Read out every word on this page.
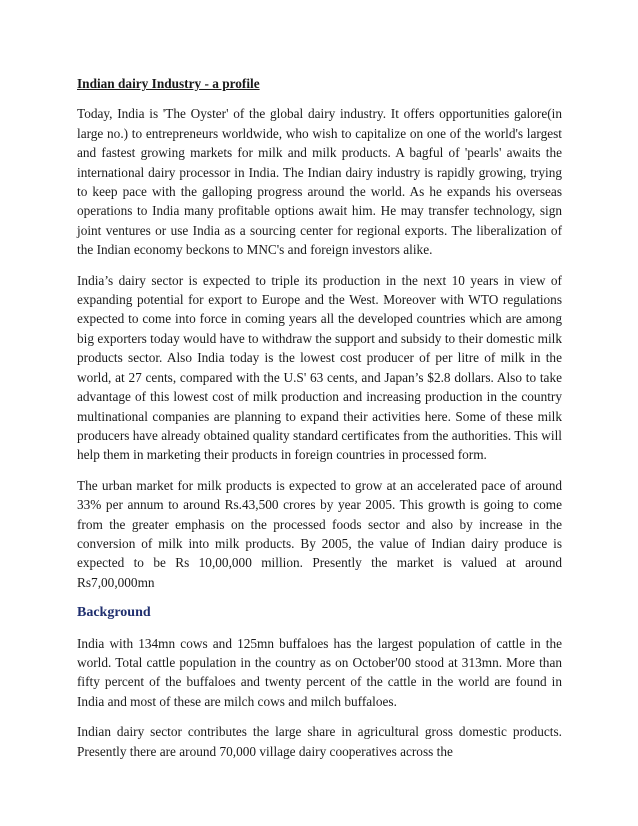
Indian dairy Industry - a profile

Today, India is 'The Oyster' of the global dairy industry. It offers opportunities galore(in large no.) to entrepreneurs worldwide, who wish to capitalize on one of the world's largest and fastest growing markets for milk and milk products. A bagful of 'pearls' awaits the international dairy processor in India. The Indian dairy industry is rapidly growing, trying to keep pace with the galloping progress around the world. As he expands his overseas operations to India many profitable options await him. He may transfer technology, sign joint ventures or use India as a sourcing center for regional exports. The liberalization of the Indian economy beckons to MNC's and foreign investors alike.

India’s dairy sector is expected to triple its production in the next 10 years in view of expanding potential for export to Europe and the West. Moreover with WTO regulations expected to come into force in coming years all the developed countries which are among big exporters today would have to withdraw the support and subsidy to their domestic milk products sector. Also India today is the lowest cost producer of per litre of milk in the world, at 27 cents, compared with the U.S' 63 cents, and Japan’s $2.8 dollars. Also to take advantage of this lowest cost of milk production and increasing production in the country multinational companies are planning to expand their activities here. Some of these milk producers have already obtained quality standard certificates from the authorities. This will help them in marketing their products in foreign countries in processed form.

The urban market for milk products is expected to grow at an accelerated pace of around 33% per annum to around Rs.43,500 crores by year 2005. This growth is going to come from the greater emphasis on the processed foods sector and also by increase in the conversion of milk into milk products. By 2005, the value of Indian dairy produce is expected to be Rs 10,00,000 million. Presently the market is valued at around Rs7,00,000mn

Background

India with 134mn cows and 125mn buffaloes has the largest population of cattle in the world. Total cattle population in the country as on October'00 stood at 313mn. More than fifty percent of the buffaloes and twenty percent of the cattle in the world are found in India and most of these are milch cows and milch buffaloes.

Indian dairy sector contributes the large share in agricultural gross domestic products. Presently there are around 70,000 village dairy cooperatives across the
